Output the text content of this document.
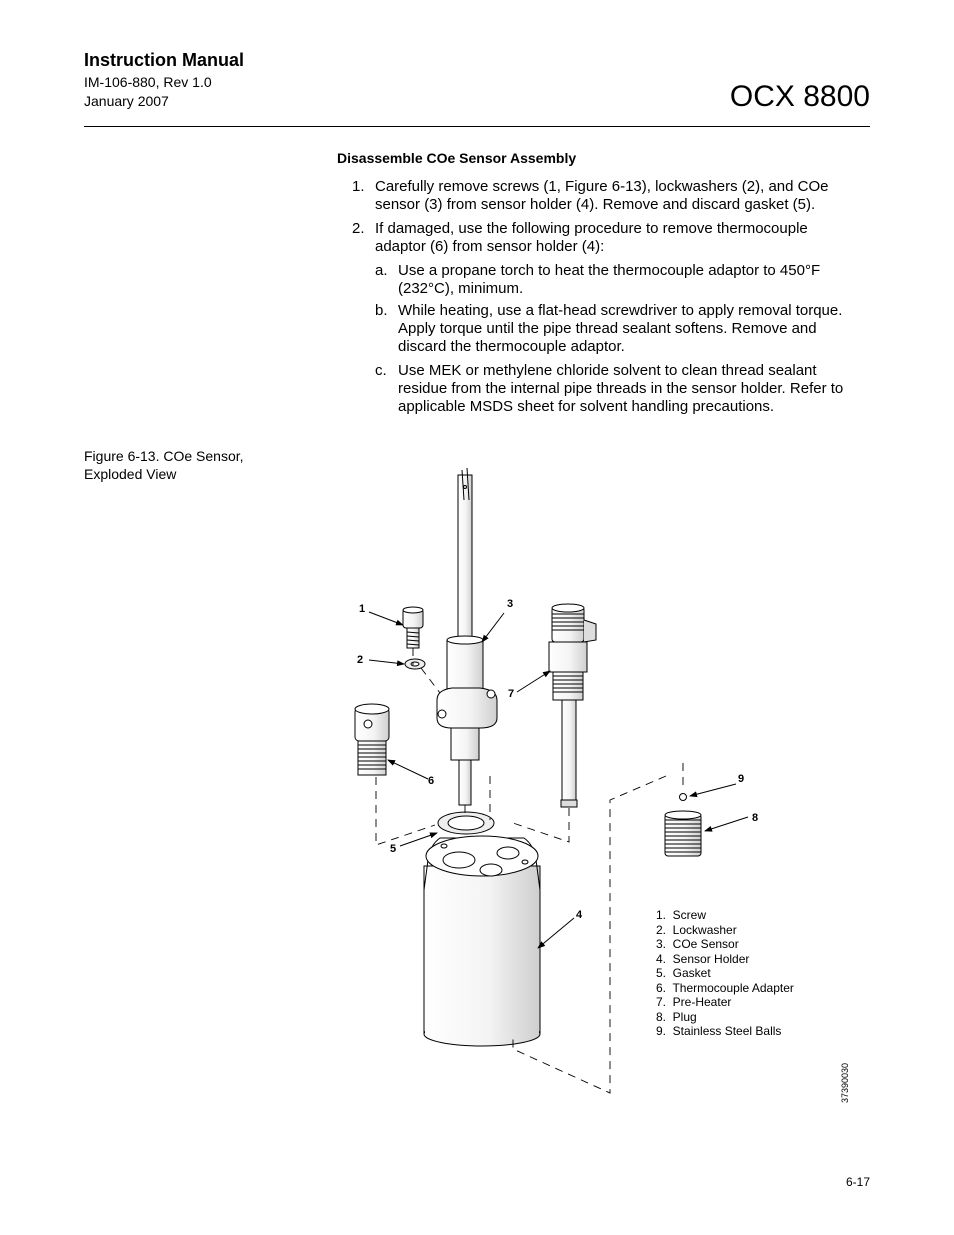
Instruction Manual
IM-106-880, Rev 1.0
January 2007	OCX 8800
Disassemble COe Sensor Assembly
1. Carefully remove screws (1, Figure 6-13), lockwashers (2), and COe
sensor (3) from sensor holder (4). Remove and discard gasket (5).
2. If damaged, use the following procedure to remove thermocouple
adaptor (6) from sensor holder (4):
a. Use a propane torch to heat the thermocouple adaptor to 450°F
(232°C), minimum.
b. While heating, use a flat-head screwdriver to apply removal torque.
Apply torque until the pipe thread sealant softens. Remove and
discard the thermocouple adaptor.
c. Use MEK or methylene chloride solvent to clean thread sealant
residue from the internal pipe threads in the sensor holder. Refer to
applicable MSDS sheet for solvent handling precautions.
Figure 6-13. COe Sensor,
Exploded View
1
2
3
4
5
6
7
8
9
37390030
1.  Screw
2.  Lockwasher
3.  COe Sensor
4.  Sensor Holder
5.  Gasket
6.  Thermocouple Adapter
7.  Pre-Heater
8.  Plug
9.  Stainless Steel Balls
6-17
